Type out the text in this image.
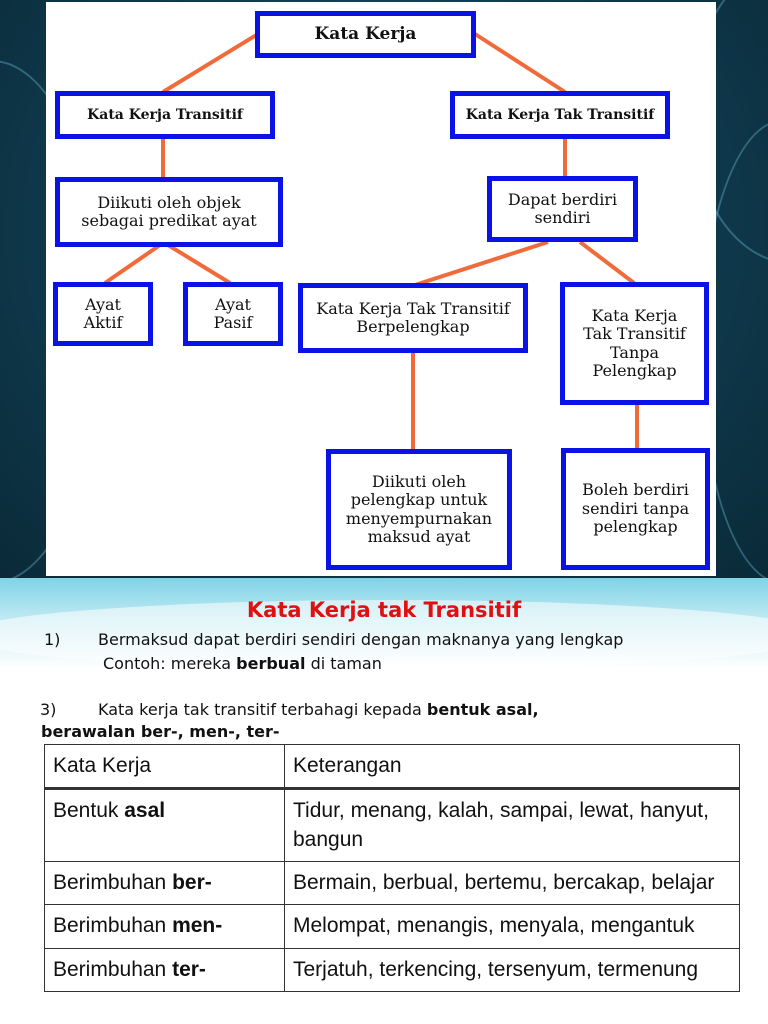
Kata Kerja
Kata Kerja Transitif	Kata Kerja Tak Transitif
Diikuti oleh objek
sebagai predikat ayat
Ayat
Aktif
Ayat
Pasif
Dapat berdiri
sendiri
Kata Kerja Tak Transitif
Berpelengkap
Kata Kerja
Tak Transitif
Tanpa
Pelengkap
Diikuti oleh
pelengkap untuk
menyempurnakan
maksud ayat
Boleh berdiri
sendiri tanpa
pelengkap
Kata Kerja tak Transitif
1) Bermaksud dapat berdiri sendiri dengan maknanya yang lengkap
Contoh: mereka berbual di taman
3)	Kata kerja tak transitif terbahagi kepada bentuk asal,
berawalan ber-, men-, ter-
Kata Kerja	Keterangan
Bentuk asal	Tidur, menang, kalah, sampai, lewat, hanyut, bangun
Berimbuhan ber-	Bermain, berbual, bertemu, bercakap, belajar
Berimbuhan men-	Melompat, menangis, menyala, mengantuk
Berimbuhan ter-	Terjatuh, terkencing, tersenyum, termenung
